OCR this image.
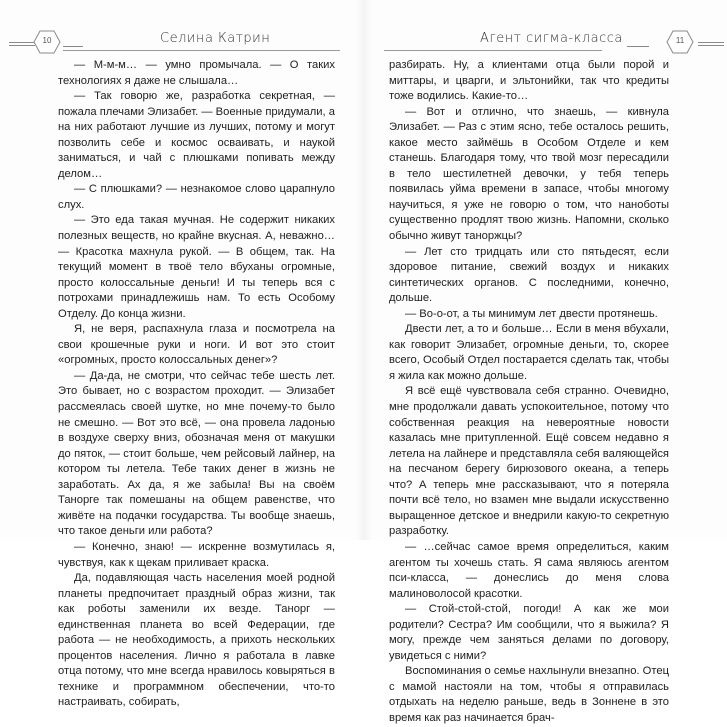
10	Селина Катрин

— М-м-м… — умно промычала. — О таких технологиях я даже не слышала…

— Так говорю же, разработка секретная, — пожала плечами Элизабет. — Военные придумали, а на них работают лучшие из лучших, потому и могут позволить себе и космос осваивать, и наукой заниматься, и чай с плюшками попивать между делом…

— С плюшками? — незнакомое слово царапнуло слух.

— Это еда такая мучная. Не содержит никаких полезных веществ, но крайне вкусная. А, неважно… — Красотка махнула рукой. — В общем, так. На текущий момент в твоё тело вбуханы огромные, просто колоссальные деньги! И ты теперь вся с потрохами принадлежишь нам. То есть Особому Отделу. До конца жизни.

Я, не веря, распахнула глаза и посмотрела на свои крошечные руки и ноги. И вот это стоит «огромных, просто колоссальных денег»?

— Да-да, не смотри, что сейчас тебе шесть лет. Это бывает, но с возрастом проходит. — Элизабет рассмеялась своей шутке, но мне почему-то было не смешно. — Вот это всё, — она провела ладонью в воздухе сверху вниз, обозначая меня от макушки до пяток, — стоит больше, чем рейсовый лайнер, на котором ты летела. Тебе таких денег в жизнь не заработать. Ах да, я же забыла! Вы на своём Танорге так помешаны на общем равенстве, что живёте на подачки государства. Ты вообще знаешь, что такое деньги или работа?

— Конечно, знаю! — искренне возмутилась я, чувствуя, как к щекам приливает краска.

Да, подавляющая часть населения моей родной планеты предпочитает праздный образ жизни, так как роботы заменили их везде. Танорг — единственная планета во всей Федерации, где работа — не необходимость, а прихоть нескольких процентов населения. Лично я работала в лавке отца потому, что мне всегда нравилось ковыряться в технике и программном обеспечении, что-то настраивать, собирать,

Агент сигма-класса	11

разбирать. Ну, а клиентами отца были порой и миттары, и цварги, и эльтонийки, так что кредиты тоже водились. Какие-то…

— Вот и отлично, что знаешь, — кивнула Элизабет. — Раз с этим ясно, тебе осталось решить, какое место займёшь в Особом Отделе и кем станешь. Благодаря тому, что твой мозг пересадили в тело шестилетней девочки, у тебя теперь появилась уйма времени в запасе, чтобы многому научиться, я уже не говорю о том, что наноботы существенно продлят твою жизнь. Напомни, сколько обычно живут таноржцы?

— Лет сто тридцать или сто пятьдесят, если здоровое питание, свежий воздух и никаких синтетических органов. С последними, конечно, дольше.

— Во-о-от, а ты минимум лет двести протянешь.

Двести лет, а то и больше… Если в меня вбухали, как говорит Элизабет, огромные деньги, то, скорее всего, Особый Отдел постарается сделать так, чтобы я жила как можно дольше.

Я всё ещё чувствовала себя странно. Очевидно, мне продолжали давать успокоительное, потому что собственная реакция на невероятные новости казалась мне притупленной. Ещё совсем недавно я летела на лайнере и представляла себя валяющейся на песчаном берегу бирюзового океана, а теперь что? А теперь мне рассказывают, что я потеряла почти всё тело, но взамен мне выдали искусственно выращенное детское и внедрили какую-то секретную разработку.

— …сейчас самое время определиться, каким агентом ты хочешь стать. Я сама являюсь агентом пси-класса, — донеслись до меня слова малиноволосой красотки.

— Стой-стой-стой, погоди! А как же мои родители? Сестра? Им сообщили, что я выжила? Я могу, прежде чем заняться делами по договору, увидеться с ними?

Воспоминания о семье нахлынули внезапно. Отец с мамой настояли на том, чтобы я отправилась отдыхать на неделю раньше, ведь в Зоннене в это время как раз начинается брач-
